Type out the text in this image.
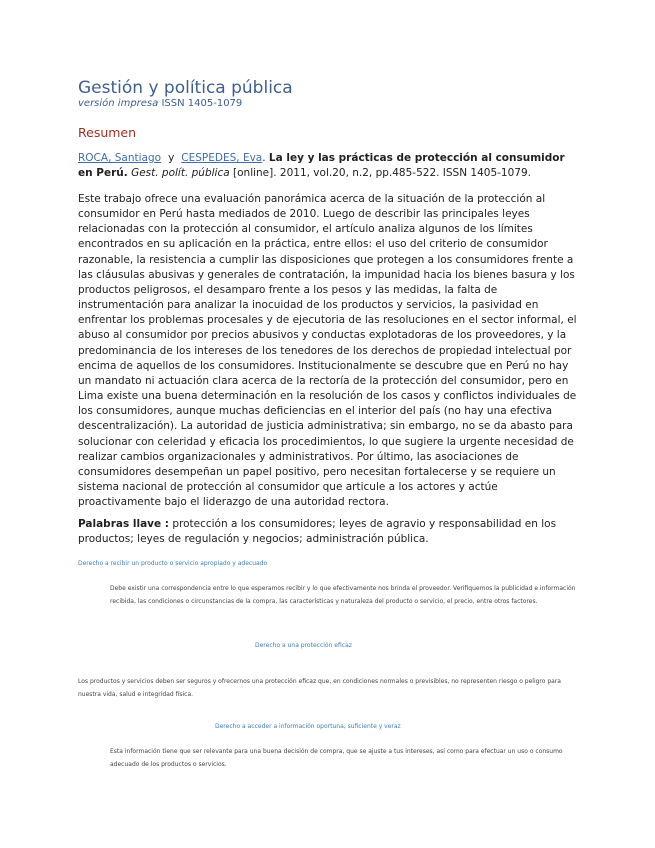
Gestión y política pública
versión impresa ISSN 1405-1079
Resumen
ROCA, Santiago y CESPEDES, Eva. La ley y las prácticas de protección al consumidor en Perú. Gest. polít. pública [online]. 2011, vol.20, n.2, pp.485-522. ISSN 1405-1079.

Este trabajo ofrece una evaluación panorámica acerca de la situación de la protección al consumidor en Perú hasta mediados de 2010. Luego de describir las principales leyes relacionadas con la protección al consumidor, el artículo analiza algunos de los límites encontrados en su aplicación en la práctica, entre ellos: el uso del criterio de consumidor razonable, la resistencia a cumplir las disposiciones que protegen a los consumidores frente a las cláusulas abusivas y generales de contratación, la impunidad hacia los bienes basura y los productos peligrosos, el desamparo frente a los pesos y las medidas, la falta de instrumentación para analizar la inocuidad de los productos y servicios, la pasividad en enfrentar los problemas procesales y de ejecutoria de las resoluciones en el sector informal, el abuso al consumidor por precios abusivos y conductas explotadoras de los proveedores, y la predominancia de los intereses de los tenedores de los derechos de propiedad intelectual por encima de aquellos de los consumidores. Institucionalmente se descubre que en Perú no hay un mandato ni actuación clara acerca de la rectoría de la protección del consumidor, pero en Lima existe una buena determinación en la resolución de los casos y conflictos individuales de los consumidores, aunque muchas deficiencias en el interior del país (no hay una efectiva descentralización). La autoridad de justicia administrativa; sin embargo, no se da abasto para solucionar con celeridad y eficacia los procedimientos, lo que sugiere la urgente necesidad de realizar cambios organizacionales y administrativos. Por último, las asociaciones de consumidores desempeñan un papel positivo, pero necesitan fortalecerse y se requiere un sistema nacional de protección al consumidor que articule a los actores y actúe proactivamente bajo el liderazgo de una autoridad rectora.

Palabras llave : protección a los consumidores; leyes de agravio y responsabilidad en los productos; leyes de regulación y negocios; administración pública.

Derecho a recibir un producto o servicio apropiado y adecuado

Debe existir una correspondencia entre lo que esperamos recibir y lo que efectivamente nos brinda el proveedor. Verifiquemos la publicidad e información recibida, las condiciones o circunstancias de la compra, las características y naturaleza del producto o servicio, el precio, entre otros factores.

Derecho a una protección eficaz

Los productos y servicios deben ser seguros y ofrecernos una protección eficaz que, en condiciones normales o previsibles, no representen riesgo o peligro para nuestra vida, salud e integridad física.

Derecho a acceder a información oportuna, suficiente y veraz

Esta información tiene que ser relevante para una buena decisión de compra, que se ajuste a tus intereses, así como para efectuar un uso o consumo adecuado de los productos o servicios.
